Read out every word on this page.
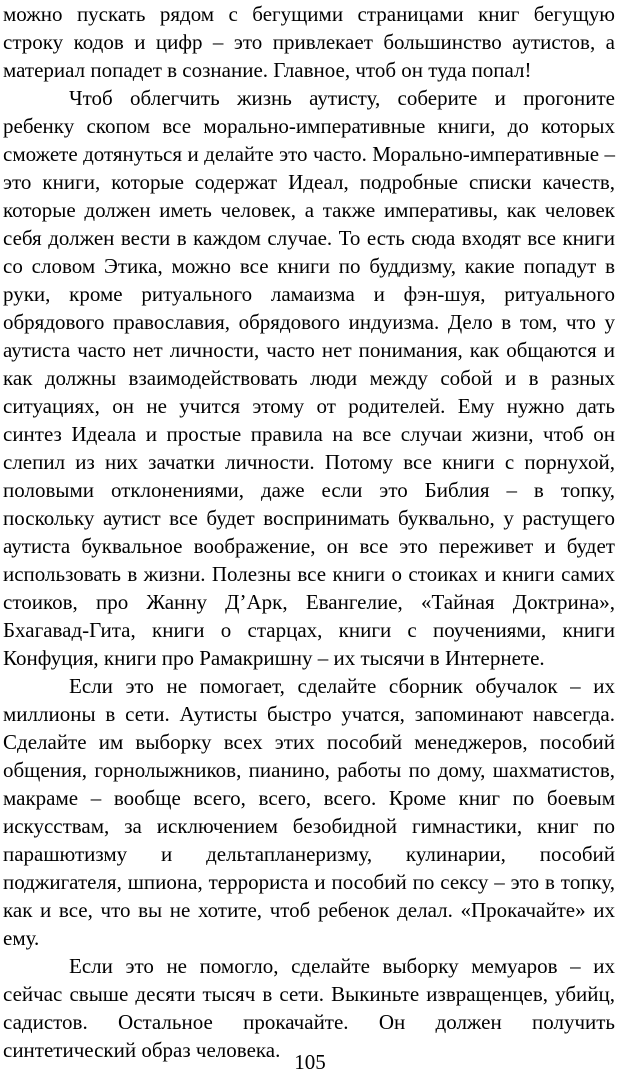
можно пускать рядом с бегущими страницами книг бегущую строку кодов и цифр – это привлекает большинство аутистов, а материал попадет в сознание. Главное, чтоб он туда попал!

Чтоб облегчить жизнь аутисту, соберите и прогоните ребенку скопом все морально-императивные книги, до которых сможете дотянуться и делайте это часто. Морально-императивные – это книги, которые содержат Идеал, подробные списки качеств, которые должен иметь человек, а также императивы, как человек себя должен вести в каждом случае. То есть сюда входят все книги со словом Этика, можно все книги по буддизму, какие попадут в руки, кроме ритуального ламаизма и фэн-шуя, ритуального обрядового православия, обрядового индуизма. Дело в том, что у аутиста часто нет личности, часто нет понимания, как общаются и как должны взаимодействовать люди между собой и в разных ситуациях, он не учится этому от родителей. Ему нужно дать синтез Идеала и простые правила на все случаи жизни, чтоб он слепил из них зачатки личности. Потому все книги с порнухой, половыми отклонениями, даже если это Библия – в топку, поскольку аутист все будет воспринимать буквально, у растущего аутиста буквальное воображение, он все это переживет и будет использовать в жизни. Полезны все книги о стоиках и книги самих стоиков, про Жанну Д’Арк, Евангелие, «Тайная Доктрина», Бхагавад-Гита, книги о старцах, книги с поучениями, книги Конфуция, книги про Рамакришну – их тысячи в Интернете.

Если это не помогает, сделайте сборник обучалок – их миллионы в сети. Аутисты быстро учатся, запоминают навсегда. Сделайте им выборку всех этих пособий менеджеров, пособий общения, горнолыжников, пианино, работы по дому, шахматистов, макраме – вообще всего, всего, всего. Кроме книг по боевым искусствам, за исключением безобидной гимнастики, книг по парашютизму и дельтапланеризму, кулинарии, пособий поджигателя, шпиона, террориста и пособий по сексу – это в топку, как и все, что вы не хотите, чтоб ребенок делал. «Прокачайте» их ему.

Если это не помогло, сделайте выборку мемуаров – их сейчас свыше десяти тысяч в сети. Выкиньте извращенцев, убийц, садистов. Остальное прокачайте. Он должен получить синтетический образ человека. 105
